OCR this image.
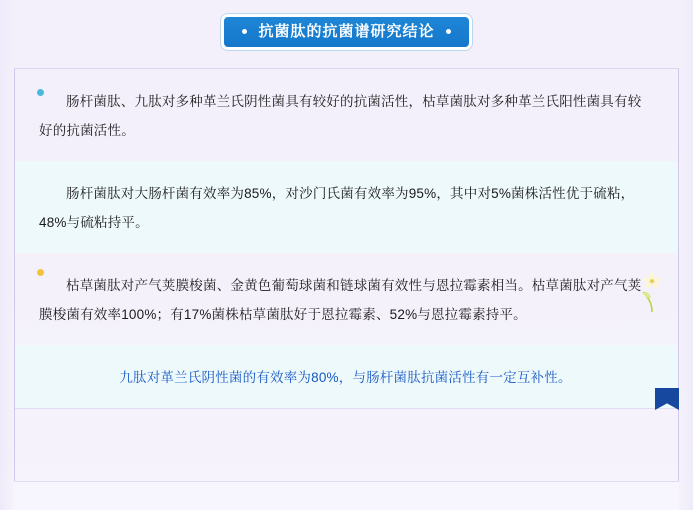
抗菌肽的抗菌谱研究结论

肠杆菌肽、九肽对多种革兰氏阴性菌具有较好的抗菌活性，枯草菌肽对多种革兰氏阳性菌具有较好的抗菌活性。

肠杆菌肽对大肠杆菌有效率为85%，对沙门氏菌有效率为95%，其中对5%菌株活性优于硫粘，48%与硫粘持平。

枯草菌肽对产气荚膜梭菌、金黄色葡萄球菌和链球菌有效性与恩拉霉素相当。枯草菌肽对产气荚膜梭菌有效率100%；有17%菌株枯草菌肽好于恩拉霉素、52%与恩拉霉素持平。

九肽对革兰氏阴性菌的有效率为80%，与肠杆菌肽抗菌活性有一定互补性。
